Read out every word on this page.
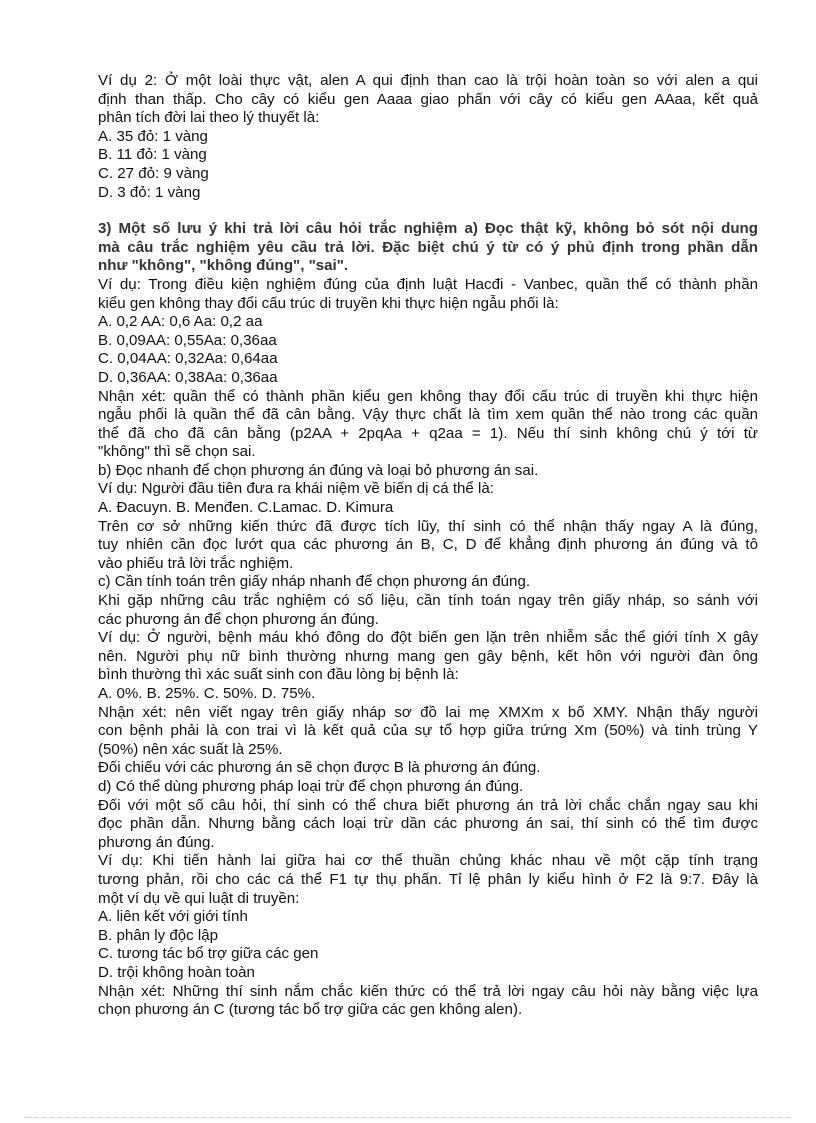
Ví dụ 2: Ở một loài thực vật, alen A qui định than cao là trội hoàn toàn so với alen a qui
định than thấp. Cho cây có kiểu gen Aaaa giao phấn với cây có kiểu gen AAaa, kết quả
phân tích đời lai theo lý thuyết là:
A. 35 đỏ: 1 vàng
B. 11 đỏ: 1 vàng
C. 27 đỏ: 9 vàng
D. 3 đỏ: 1 vàng
3) Một số lưu ý khi trả lời câu hỏi trắc nghiệm a) Đọc thật kỹ, không bỏ sót nội dung
mà câu trắc nghiệm yêu cầu trả lời. Đặc biệt chú ý từ có ý phủ định trong phần dẫn
như "không", "không đúng", "sai".
Ví dụ: Trong điều kiện nghiệm đúng của định luật Hacđi - Vanbec, quần thể có thành phần
kiểu gen không thay đổi cấu trúc di truyền khi thực hiện ngẫu phối là:
A. 0,2 AA: 0,6 Aa: 0,2 aa
B. 0,09AA: 0,55Aa: 0,36aa
C. 0,04AA: 0,32Aa: 0,64aa
D. 0,36AA: 0,38Aa: 0,36aa
Nhận xét: quần thể có thành phần kiểu gen không thay đổi cấu trúc di truyền khi thực hiện
ngẫu phối là quần thể đã cân bằng. Vậy thực chất là tìm xem quần thể nào trong các quần
thể đã cho đã cân bằng (p2AA + 2pqAa + q2aa = 1). Nếu thí sinh không chú ý tới từ
"không" thì sẽ chọn sai.
b) Đọc nhanh để chọn phương án đúng và loại bỏ phương án sai.
Ví dụ: Người đầu tiên đưa ra khái niệm về biến dị cá thể là:
A. Đacuyn. B. Menđen. C.Lamac. D. Kimura
Trên cơ sở những kiến thức đã được tích lũy, thí sinh có thể nhận thấy ngay A là đúng,
tuy nhiên cần đọc lướt qua các phương án B, C, D để khẳng định phương án đúng và tô
vào phiếu trả lời trắc nghiệm.
c) Cần tính toán trên giấy nháp nhanh để chọn phương án đúng.
Khi gặp những câu trắc nghiệm có số liệu, cần tính toán ngay trên giấy nháp, so sánh với
các phương án để chọn phương án đúng.
Ví dụ: Ở người, bệnh máu khó đông do đột biến gen lặn trên nhiễm sắc thể giới tính X gây
nên. Người phụ nữ bình thường nhưng mang gen gây bệnh, kết hôn với người đàn ông
bình thường thì xác suất sinh con đầu lòng bị bệnh là:
A. 0%. B. 25%. C. 50%. D. 75%.
Nhận xét: nên viết ngay trên giấy nháp sơ đồ lai mẹ XMXm x bố XMY. Nhận thấy người
con bệnh phải là con trai vì là kết quả của sự tổ hợp giữa trứng Xm (50%) và tinh trùng Y
(50%) nên xác suất là 25%.
Đối chiếu với các phương án sẽ chọn được B là phương án đúng.
d) Có thể dùng phương pháp loại trừ để chọn phương án đúng.
Đối với một số câu hỏi, thí sinh có thể chưa biết phương án trả lời chắc chắn ngay sau khi
đọc phần dẫn. Nhưng bằng cách loại trừ dần các phương án sai, thí sinh có thể tìm được
phương án đúng.
Ví dụ: Khi tiến hành lai giữa hai cơ thể thuần chủng khác nhau về một cặp tính trạng
tương phản, rồi cho các cá thể F1 tự thụ phấn. Tỉ lệ phân ly kiểu hình ở F2 là 9:7. Đây là
một ví dụ về qui luật di truyền:
A. liên kết với giới tính
B. phân ly độc lập
C. tương tác bổ trợ giữa các gen
D. trội không hoàn toàn
Nhận xét: Những thí sinh nắm chắc kiến thức có thể trả lời ngay câu hỏi này bằng việc lựa
chọn phương án C (tương tác bổ trợ giữa các gen không alen).
